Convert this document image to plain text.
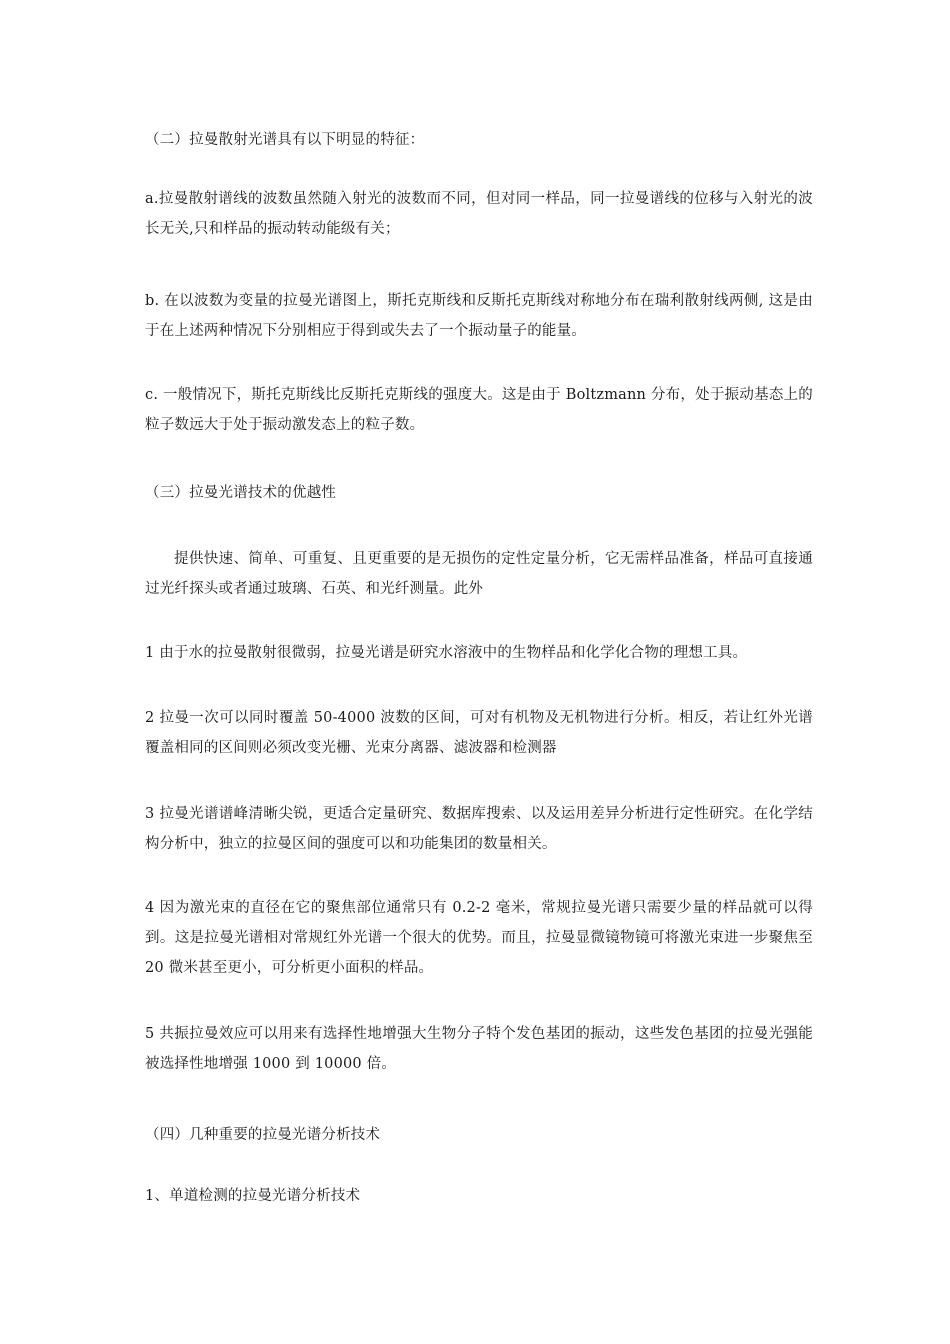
（二）拉曼散射光谱具有以下明显的特征：

a.拉曼散射谱线的波数虽然随入射光的波数而不同，但对同一样品，同一拉曼谱线的位移与入射光的波长无关,只和样品的振动转动能级有关；

b. 在以波数为变量的拉曼光谱图上，斯托克斯线和反斯托克斯线对称地分布在瑞利散射线两侧, 这是由于在上述两种情况下分别相应于得到或失去了一个振动量子的能量。

c. 一般情况下，斯托克斯线比反斯托克斯线的强度大。这是由于 Boltzmann 分布，处于振动基态上的粒子数远大于处于振动激发态上的粒子数。

（三）拉曼光谱技术的优越性

提供快速、简单、可重复、且更重要的是无损伤的定性定量分析，它无需样品准备，样品可直接通过光纤探头或者通过玻璃、石英、和光纤测量。此外

1 由于水的拉曼散射很微弱，拉曼光谱是研究水溶液中的生物样品和化学化合物的理想工具。

2 拉曼一次可以同时覆盖 50-4000 波数的区间，可对有机物及无机物进行分析。相反，若让红外光谱覆盖相同的区间则必须改变光栅、光束分离器、滤波器和检测器

3 拉曼光谱谱峰清晰尖锐，更适合定量研究、数据库搜索、以及运用差异分析进行定性研究。在化学结构分析中，独立的拉曼区间的强度可以和功能集团的数量相关。

4 因为激光束的直径在它的聚焦部位通常只有 0.2-2 毫米，常规拉曼光谱只需要少量的样品就可以得到。这是拉曼光谱相对常规红外光谱一个很大的优势。而且，拉曼显微镜物镜可将激光束进一步聚焦至 20 微米甚至更小，可分析更小面积的样品。

5 共振拉曼效应可以用来有选择性地增强大生物分子特个发色基团的振动，这些发色基团的拉曼光强能被选择性地增强 1000 到 10000 倍。

（四）几种重要的拉曼光谱分析技术

1、单道检测的拉曼光谱分析技术
